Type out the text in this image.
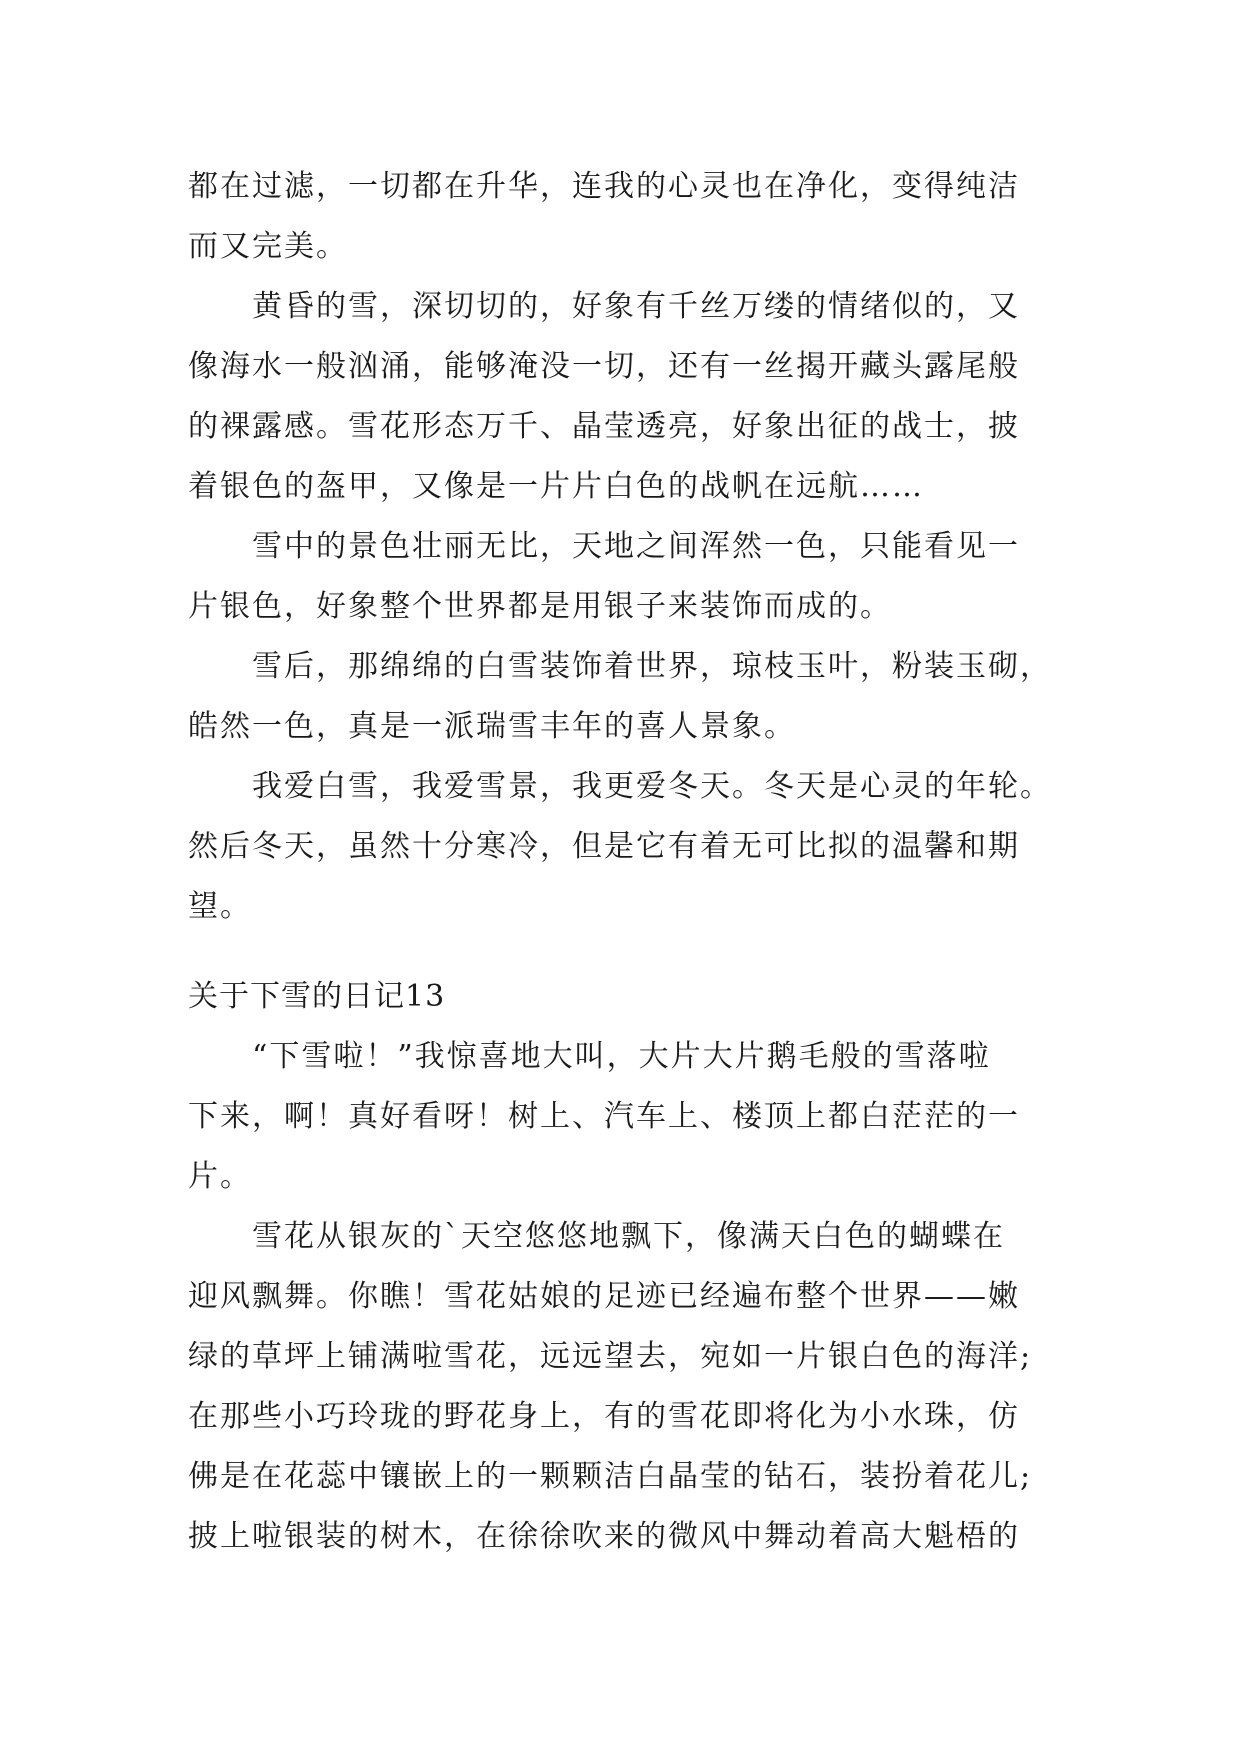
都在过滤，一切都在升华，连我的心灵也在净化，变得纯洁
而又完美。
黄昏的雪，深切切的，好象有千丝万缕的情绪似的，又
像海水一般汹涌，能够淹没一切，还有一丝揭开藏头露尾般
的裸露感。雪花形态万千、晶莹透亮，好象出征的战士，披
着银色的盔甲，又像是一片片白色的战帆在远航……
雪中的景色壮丽无比，天地之间浑然一色，只能看见一
片银色，好象整个世界都是用银子来装饰而成的。
雪后，那绵绵的白雪装饰着世界，琼枝玉叶，粉装玉砌，
皓然一色，真是一派瑞雪丰年的喜人景象。
我爱白雪，我爱雪景，我更爱冬天。冬天是心灵的年轮。
然后冬天，虽然十分寒冷，但是它有着无可比拟的温馨和期
望。
关于下雪的日记13
“下雪啦！”我惊喜地大叫，大片大片鹅毛般的雪落啦
下来，啊！真好看呀！树上、汽车上、楼顶上都白茫茫的一
片。
雪花从银灰的`天空悠悠地飘下，像满天白色的蝴蝶在
迎风飘舞。你瞧！雪花姑娘的足迹已经遍布整个世界——嫩
绿的草坪上铺满啦雪花，远远望去，宛如一片银白色的海洋;
在那些小巧玲珑的野花身上，有的雪花即将化为小水珠，仿
佛是在花蕊中镶嵌上的一颗颗洁白晶莹的钻石，装扮着花儿;
披上啦银装的树木，在徐徐吹来的微风中舞动着高大魁梧的
